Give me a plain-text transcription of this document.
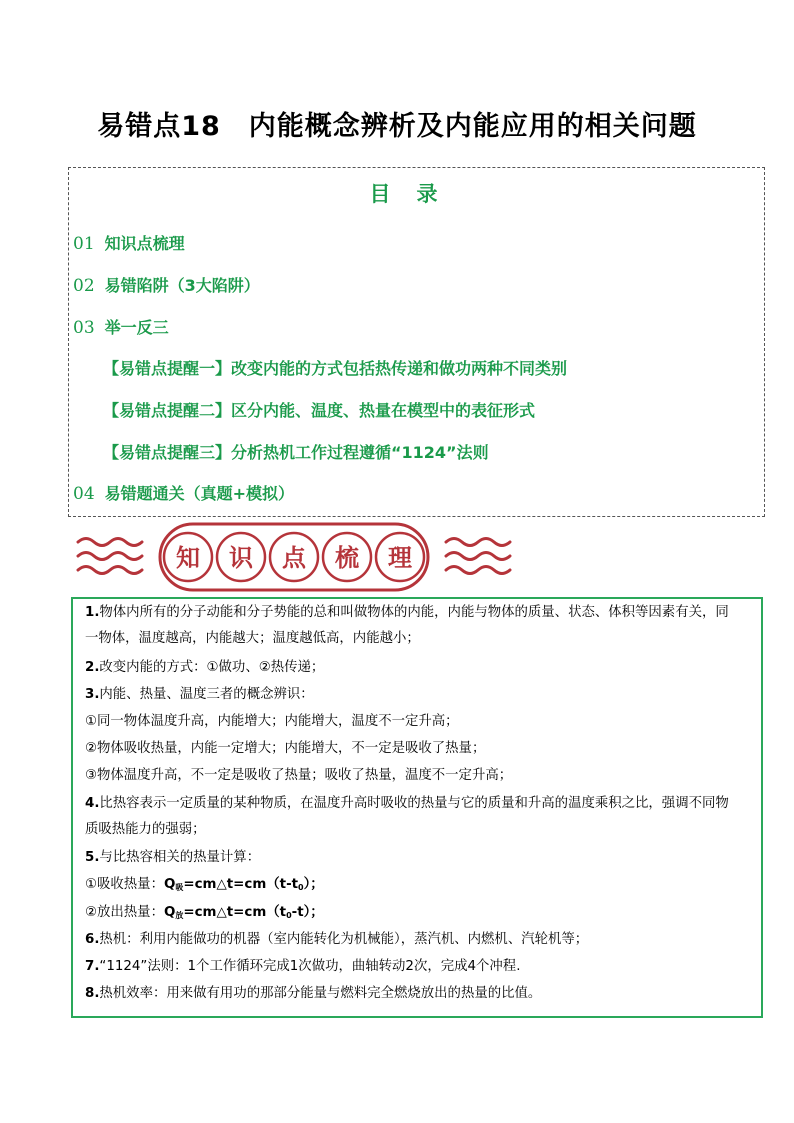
易错点18　内能概念辨析及内能应用的相关问题
目录
01 知识点梳理
02 易错陷阱（3大陷阱）
03 举一反三
【易错点提醒一】改变内能的方式包括热传递和做功两种不同类别
【易错点提醒二】区分内能、温度、热量在模型中的表征形式
【易错点提醒三】分析热机工作过程遵循“1124”法则
04 易错题通关（真题+模拟）
知 识 点 梳 理
1.物体内所有的分子动能和分子势能的总和叫做物体的内能，内能与物体的质量、状态、体积等因素有关，同
一物体，温度越高，内能越大；温度越低高，内能越小；
2.改变内能的方式：①做功、②热传递；
3.内能、热量、温度三者的概念辨识：
①同一物体温度升高，内能增大；内能增大，温度不一定升高；
②物体吸收热量，内能一定增大；内能增大，不一定是吸收了热量；
③物体温度升高，不一定是吸收了热量；吸收了热量，温度不一定升高；
4.比热容表示一定质量的某种物质，在温度升高时吸收的热量与它的质量和升高的温度乘积之比，强调不同物
质吸热能力的强弱；
5.与比热容相关的热量计算：
①吸收热量：$Q_吸=cm\triangle t=cm(t-t_0)$；
②放出热量：$Q_放=cm\triangle t=cm(t_0-t)$；
6.热机：利用内能做功的机器（室内能转化为机械能），蒸汽机、内燃机、汽轮机等；
7.“1124”法则：1个工作循环完成1次做功，曲轴转动2次，完成4个冲程.
8.热机效率：用来做有用功的那部分能量与燃料完全燃烧放出的热量的比值。
